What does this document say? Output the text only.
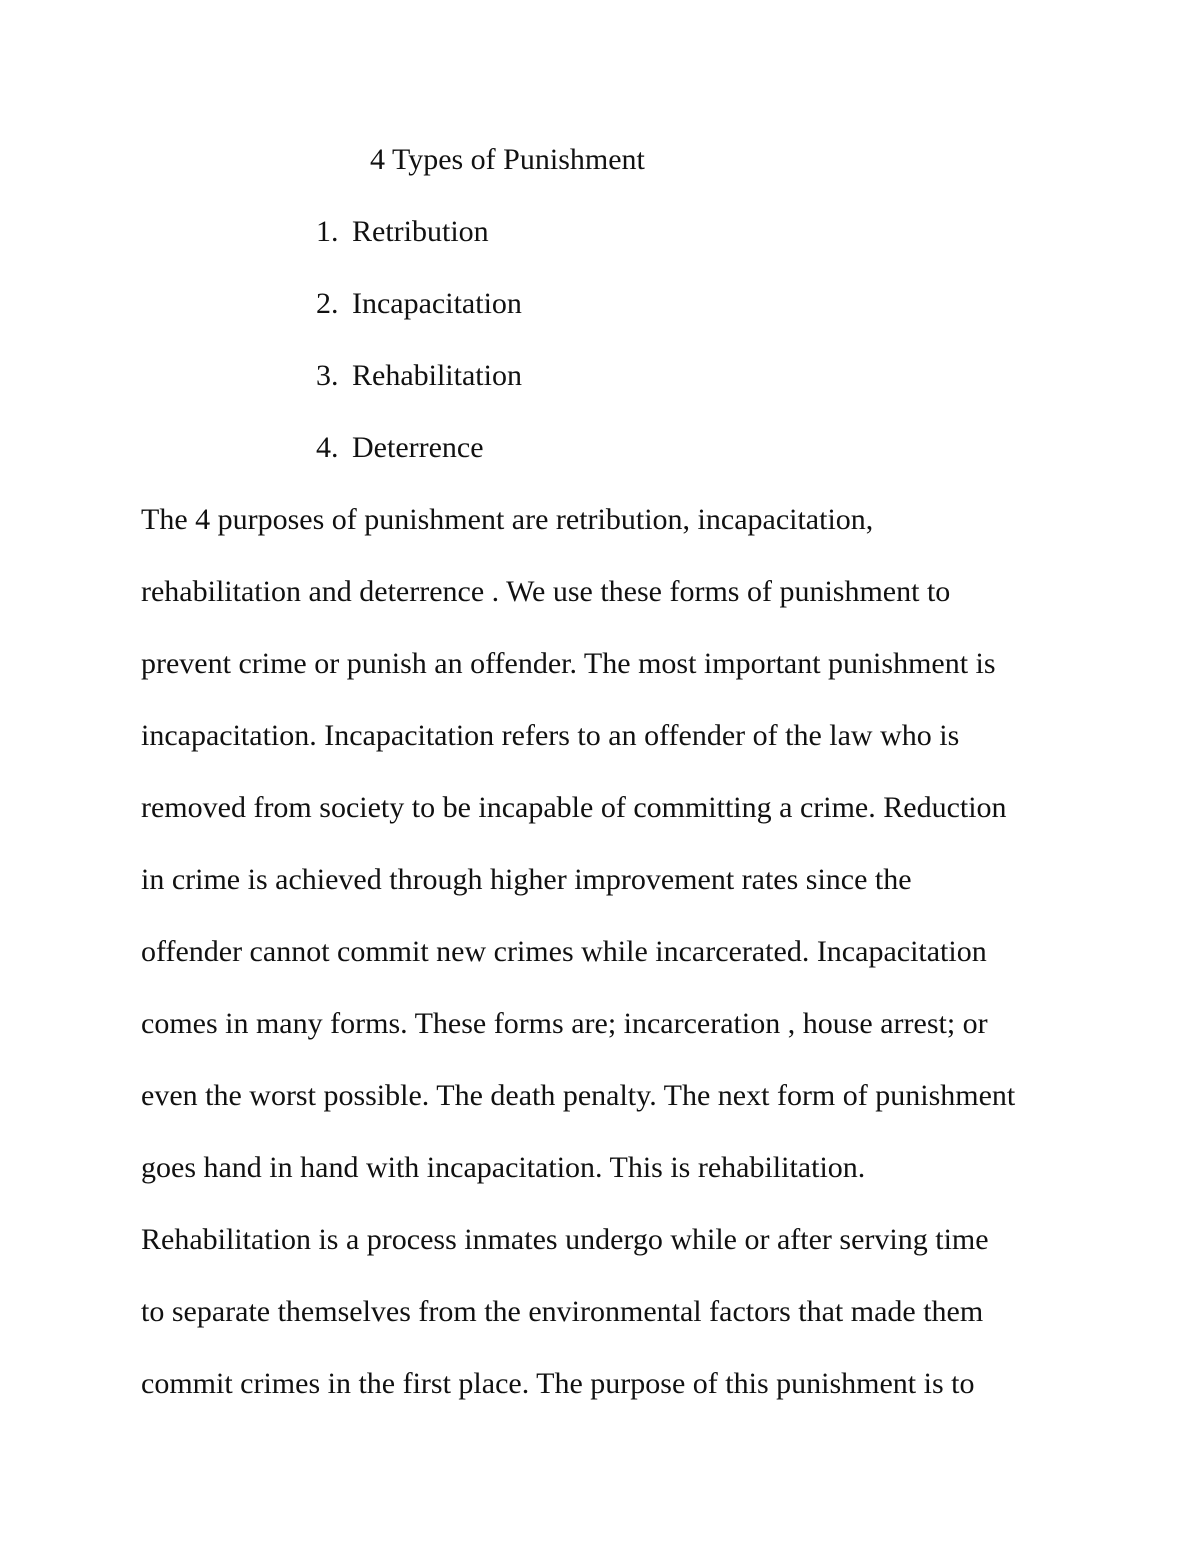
4 Types of Punishment
1. Retribution
2. Incapacitation
3. Rehabilitation
4. Deterrence
The 4 purposes of punishment are retribution, incapacitation,
rehabilitation and deterrence . We use these forms of punishment to
prevent crime or punish an offender. The most important punishment is
incapacitation. Incapacitation refers to an offender of the law who is
removed from society to be incapable of committing a crime. Reduction
in crime is achieved through higher improvement rates since the
offender cannot commit new crimes while incarcerated. Incapacitation
comes in many forms. These forms are; incarceration , house arrest; or
even the worst possible. The death penalty. The next form of punishment
goes hand in hand with incapacitation. This is rehabilitation.
Rehabilitation is a process inmates undergo while or after serving time
to separate themselves from the environmental factors that made them
commit crimes in the first place. The purpose of this punishment is to
